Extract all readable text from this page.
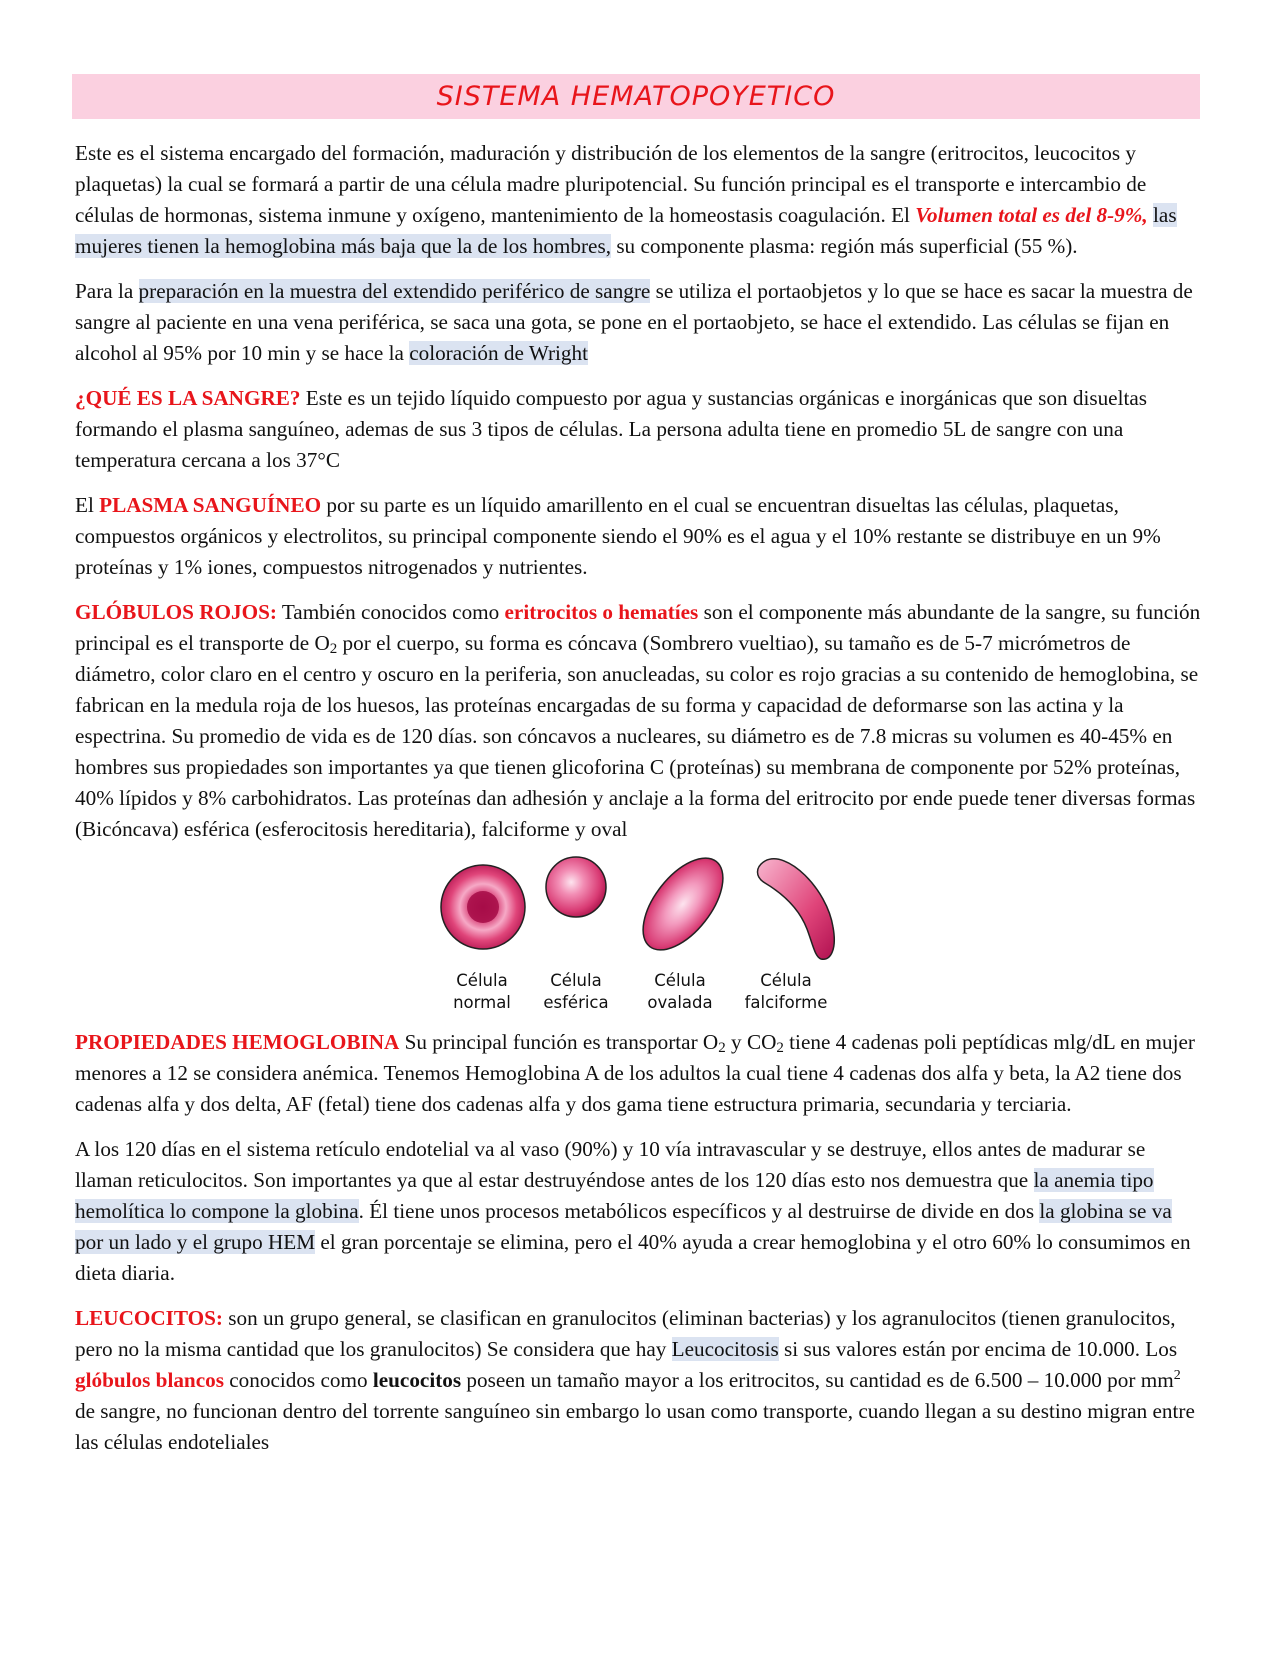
SISTEMA HEMATOPOYETICO

Este es el sistema encargado del formación, maduración y distribución de los elementos de la sangre (eritrocitos, leucocitos y plaquetas) la cual se formará a partir de una célula madre pluripotencial. Su función principal es el transporte e intercambio de células de hormonas, sistema inmune y oxígeno, mantenimiento de la homeostasis coagulación. El Volumen total es del 8-9%, las mujeres tienen la hemoglobina más baja que la de los hombres, su componente plasma: región más superficial (55 %).

Para la preparación en la muestra del extendido periférico de sangre se utiliza el portaobjetos y lo que se hace es sacar la muestra de sangre al paciente en una vena periférica, se saca una gota, se pone en el portaobjeto, se hace el extendido. Las células se fijan en alcohol al 95% por 10 min y se hace la coloración de Wright

¿QUÉ ES LA SANGRE? Este es un tejido líquido compuesto por agua y sustancias orgánicas e inorgánicas que son disueltas formando el plasma sanguíneo, ademas de sus 3 tipos de células. La persona adulta tiene en promedio 5L de sangre con una temperatura cercana a los 37°C

El PLASMA SANGUÍNEO por su parte es un líquido amarillento en el cual se encuentran disueltas las células, plaquetas, compuestos orgánicos y electrolitos, su principal componente siendo el 90% es el agua y el 10% restante se distribuye en un 9% proteínas y 1% iones, compuestos nitrogenados y nutrientes.

GLÓBULOS ROJOS: También conocidos como eritrocitos o hematíes son el componente más abundante de la sangre, su función principal es el transporte de $O_2$ por el cuerpo, su forma es cóncava (Sombrero vueltiao), su tamaño es de 5-7 micrómetros de diámetro, color claro en el centro y oscuro en la periferia, son anucleadas, su color es rojo gracias a su contenido de hemoglobina, se fabrican en la medula roja de los huesos, las proteínas encargadas de su forma y capacidad de deformarse son las actina y la espectrina. Su promedio de vida es de 120 días. son cóncavos a nucleares, su diámetro es de 7.8 micras su volumen es 40-45% en hombres sus propiedades son importantes ya que tienen glicoforina C (proteínas) su membrana de componente por 52% proteínas, 40% lípidos y 8% carbohidratos. Las proteínas dan adhesión y anclaje a la forma del eritrocito por ende puede tener diversas formas (Bicóncava) esférica (esferocitosis hereditaria), falciforme y oval

Célula
normal
Célula
esférica
Célula
ovalada
Célula
falciforme

PROPIEDADES HEMOGLOBINA Su principal función es transportar $O_2$ y $CO_2$ tiene 4 cadenas poli peptídicas mlg/dL en mujer menores a 12 se considera anémica. Tenemos Hemoglobina A de los adultos la cual tiene 4 cadenas dos alfa y beta, la A2 tiene dos cadenas alfa y dos delta, AF (fetal) tiene dos cadenas alfa y dos gama tiene estructura primaria, secundaria y terciaria.

A los 120 días en el sistema retículo endotelial va al vaso (90%) y 10 vía intravascular y se destruye, ellos antes de madurar se llaman reticulocitos. Son importantes ya que al estar destruyéndose antes de los 120 días esto nos demuestra que la anemia tipo hemolítica lo compone la globina. Él tiene unos procesos metabólicos específicos y al destruirse de divide en dos la globina se va por un lado y el grupo HEM el gran porcentaje se elimina, pero el 40% ayuda a crear hemoglobina y el otro 60% lo consumimos en dieta diaria.

LEUCOCITOS: son un grupo general, se clasifican en granulocitos (eliminan bacterias) y los agranulocitos (tienen granulocitos, pero no la misma cantidad que los granulocitos) Se considera que hay Leucocitosis si sus valores están por encima de 10.000. Los glóbulos blancos conocidos como leucocitos poseen un tamaño mayor a los eritrocitos, su cantidad es de 6.500 – 10.000 por $mm^2$ de sangre, no funcionan dentro del torrente sanguíneo sin embargo lo usan como transporte, cuando llegan a su destino migran entre las células endoteliales
